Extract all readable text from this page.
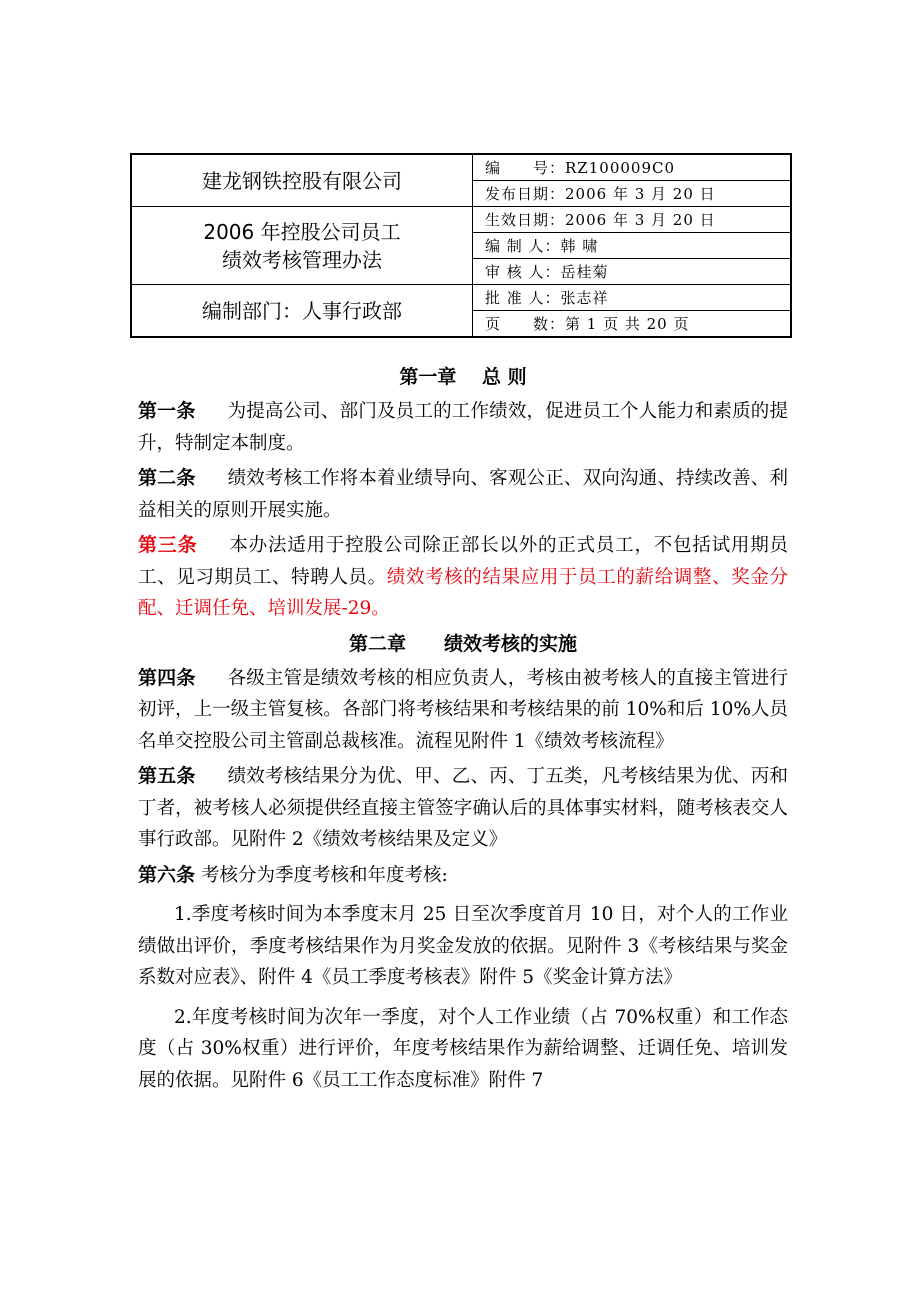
建龙钢铁控股有限公司	编　　号：RZ100009C0
	发布日期：2006 年 3 月 20 日

2006 年控股公司员工
绩效考核管理办法	生效日期：2006 年 3 月 20 日
	编 制 人：韩 啸
	审 核 人：岳桂菊
编制部门：人事行政部	批 准 人：张志祥
	页　　数：第 1 页 共 20 页
第一章　 总 则

第一条 为提高公司、部门及员工的工作绩效，促进员工个人能力和素质的提升，特制定本制度。

第二条 绩效考核工作将本着业绩导向、客观公正、双向沟通、持续改善、利益相关的原则开展实施。

第三条 本办法适用于控股公司除正部长以外的正式员工，不包括试用期员工、见习期员工、特聘人员。绩效考核的结果应用于员工的薪给调整、奖金分配、迁调任免、培训发展-29。

第二章　　绩效考核的实施

第四条 各级主管是绩效考核的相应负责人，考核由被考核人的直接主管进行初评，上一级主管复核。各部门将考核结果和考核结果的前 10%和后 10%人员名单交控股公司主管副总裁核准。流程见附件 1《绩效考核流程》

第五条 绩效考核结果分为优、甲、乙、丙、丁五类，凡考核结果为优、丙和丁者，被考核人必须提供经直接主管签字确认后的具体事实材料，随考核表交人事行政部。见附件 2《绩效考核结果及定义》

第六条 考核分为季度考核和年度考核:

1.季度考核时间为本季度末月 25 日至次季度首月 10 日，对个人的工作业绩做出评价，季度考核结果作为月奖金发放的依据。见附件 3《考核结果与奖金系数对应表》、附件 4《员工季度考核表》附件 5《奖金计算方法》

2.年度考核时间为次年一季度，对个人工作业绩（占 70%权重）和工作态度（占 30%权重）进行评价，年度考核结果作为薪给调整、迁调任免、培训发展的依据。见附件 6《员工工作态度标准》附件 7
